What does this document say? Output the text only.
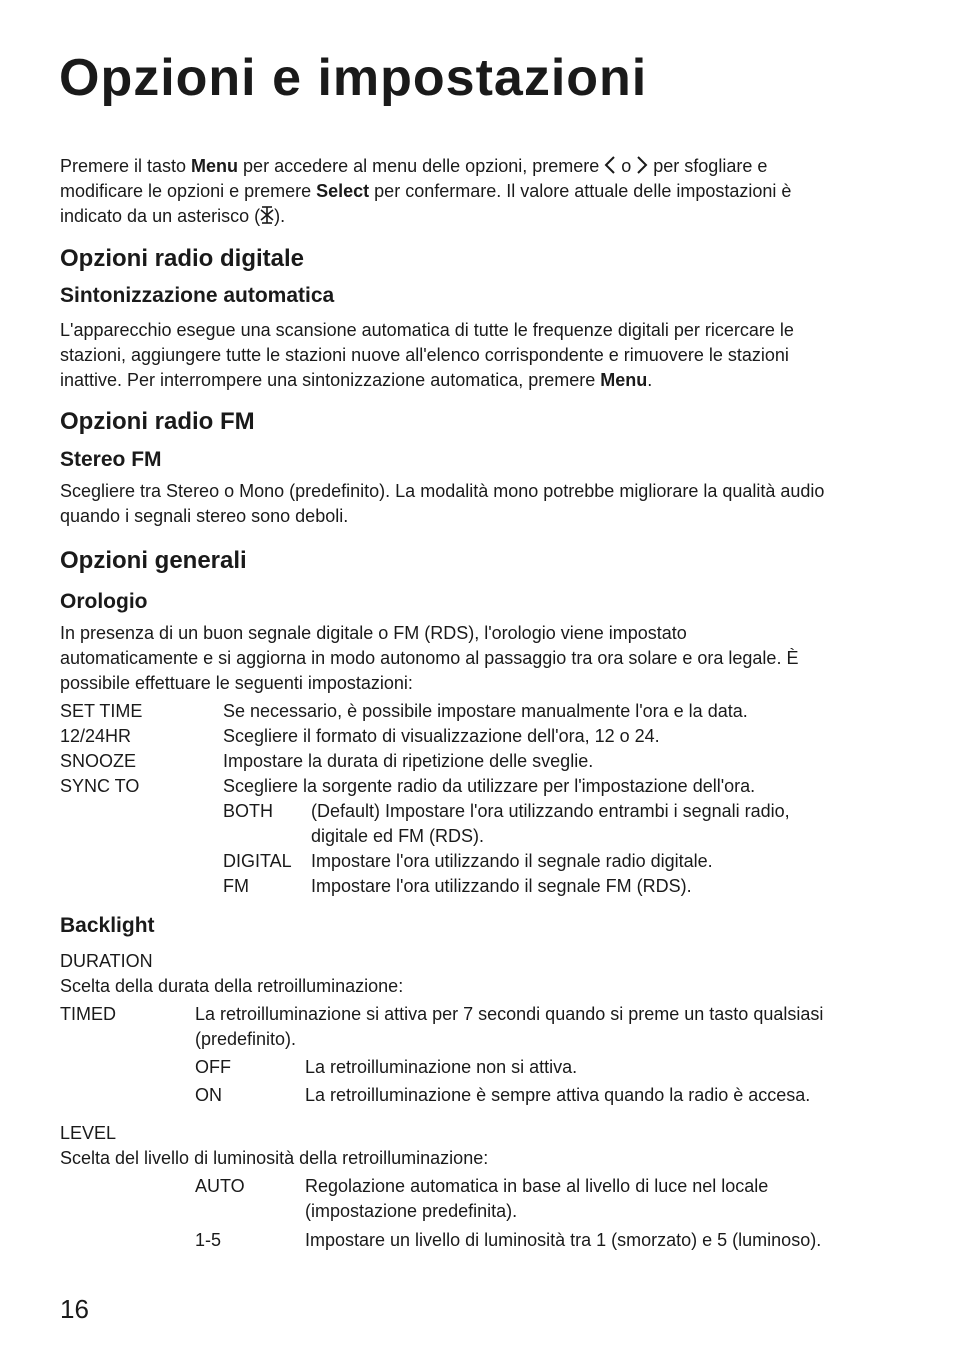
Opzioni e impostazioni
Premere il tasto Menu per accedere al menu delle opzioni, premere  o  per sfogliare e
modificare le opzioni e premere Select per confermare. Il valore attuale delle impostazioni è
indicato da un asterisco ( ).
Opzioni radio digitale
Sintonizzazione automatica
L'apparecchio esegue una scansione automatica di tutte le frequenze digitali per ricercare le
stazioni, aggiungere tutte le stazioni nuove all'elenco corrispondente e rimuovere le stazioni
inattive. Per interrompere una sintonizzazione automatica, premere Menu.
Opzioni radio FM
Stereo FM
Scegliere tra Stereo o Mono (predefinito). La modalità mono potrebbe migliorare la qualità audio
quando i segnali stereo sono deboli.
Opzioni generali
Orologio
In presenza di un buon segnale digitale o FM (RDS), l'orologio viene impostato
automaticamente e si aggiorna in modo autonomo al passaggio tra ora solare e ora legale. È
possibile effettuare le seguenti impostazioni:
SET TIME	Se necessario, è possibile impostare manualmente l'ora e la data.
12/24HR	Scegliere il formato di visualizzazione dell'ora, 12 o 24.
SNOOZE	Impostare la durata di ripetizione delle sveglie.
SYNC TO	Scegliere la sorgente radio da utilizzare per l'impostazione dell'ora.
BOTH (Default) Impostare l'ora utilizzando entrambi i segnali radio,
digitale ed FM (RDS).
DIGITAL Impostare l'ora utilizzando il segnale radio digitale.
FM	Impostare l'ora utilizzando il segnale FM (RDS).
Backlight
DURATION
Scelta della durata della retroilluminazione:
TIMED	La retroilluminazione si attiva per 7 secondi quando si preme un tasto qualsiasi
(predefinito).
OFF	La retroilluminazione non si attiva.
ON	La retroilluminazione è sempre attiva quando la radio è accesa.
LEVEL
Scelta del livello di luminosità della retroilluminazione:
AUTO	Regolazione automatica in base al livello di luce nel locale
(impostazione predefinita).
1-5	Impostare un livello di luminosità tra 1 (smorzato) e 5 (luminoso).
16
